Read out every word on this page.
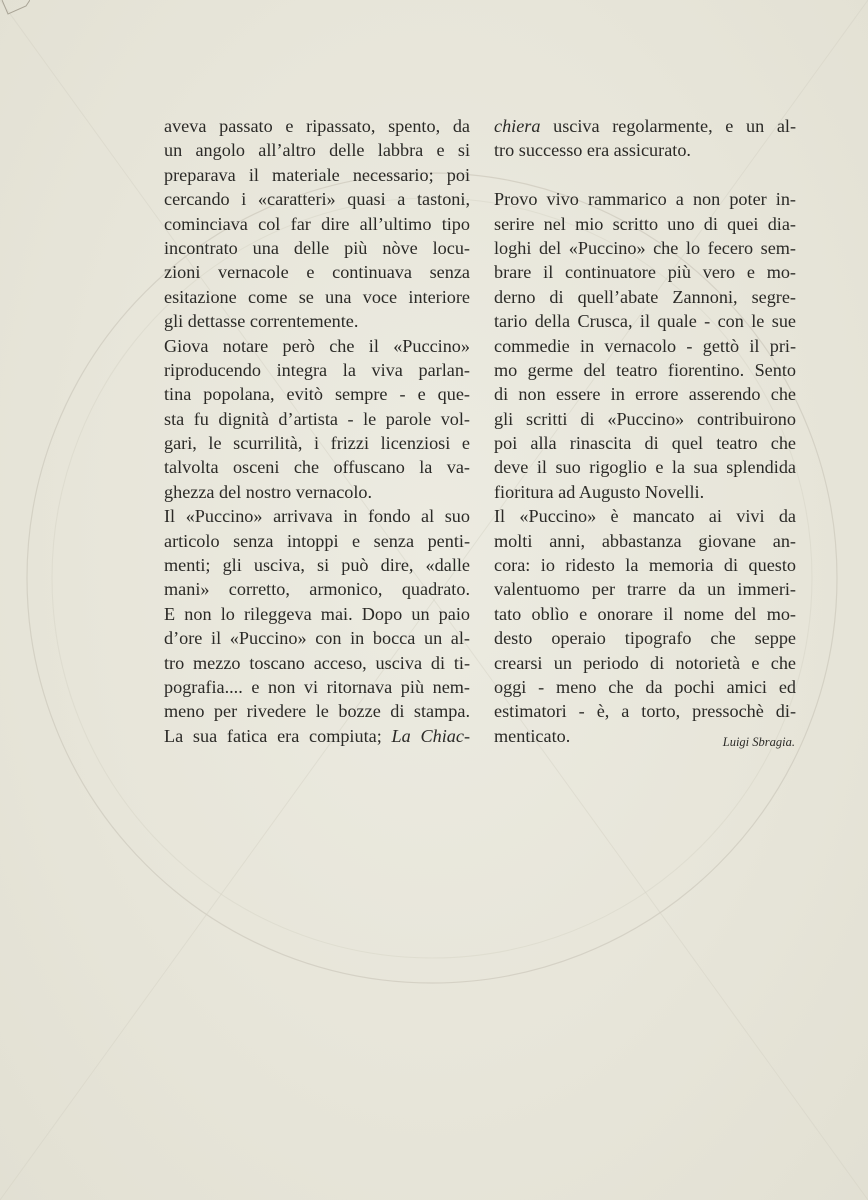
aveva passato e ripassato, spento, da
un angolo all’altro delle labbra e si
preparava il materiale necessario; poi
cercando i «caratteri» quasi a tastoni,
cominciava col far dire all’ultimo tipo
incontrato una delle più nòve locu-
zioni vernacole e continuava senza
esitazione come se una voce interiore
gli dettasse correntemente.
Giova notare però che il «Puccino»
riproducendo integra la viva parlan-
tina popolana, evitò sempre - e que-
sta fu dignità d’artista - le parole vol-
gari, le scurrilità, i frizzi licenziosi e
talvolta osceni che offuscano la va-
ghezza del nostro vernacolo.
Il «Puccino» arrivava in fondo al suo
articolo senza intoppi e senza penti-
menti; gli usciva, si può dire, «dalle
mani» corretto, armonico, quadrato.
E non lo rileggeva mai. Dopo un paio
d’ore il «Puccino» con in bocca un al-
tro mezzo toscano acceso, usciva di ti-
pografia.... e non vi ritornava più nem-
meno per rivedere le bozze di stampa.
La sua fatica era compiuta; La Chiac-
chiera usciva regolarmente, e un al-
tro successo era assicurato.
Provo vivo rammarico a non poter in-
serire nel mio scritto uno di quei dia-
loghi del «Puccino» che lo fecero sem-
brare il continuatore più vero e mo-
derno di quell’abate Zannoni, segre-
tario della Crusca, il quale - con le sue
commedie in vernacolo - gettò il pri-
mo germe del teatro fiorentino. Sento
di non essere in errore asserendo che
gli scritti di «Puccino» contribuirono
poi alla rinascita di quel teatro che
deve il suo rigoglio e la sua splendida
fioritura ad Augusto Novelli.
Il «Puccino» è mancato ai vivi da
molti anni, abbastanza giovane an-
cora: io ridesto la memoria di questo
valentuomo per trarre da un immeri-
tato oblìo e onorare il nome del mo-
desto operaio tipografo che seppe
crearsi un periodo di notorietà e che
oggi - meno che da pochi amici ed
estimatori - è, a torto, pressochè di-
menticato.	Luigi Sbragia.
